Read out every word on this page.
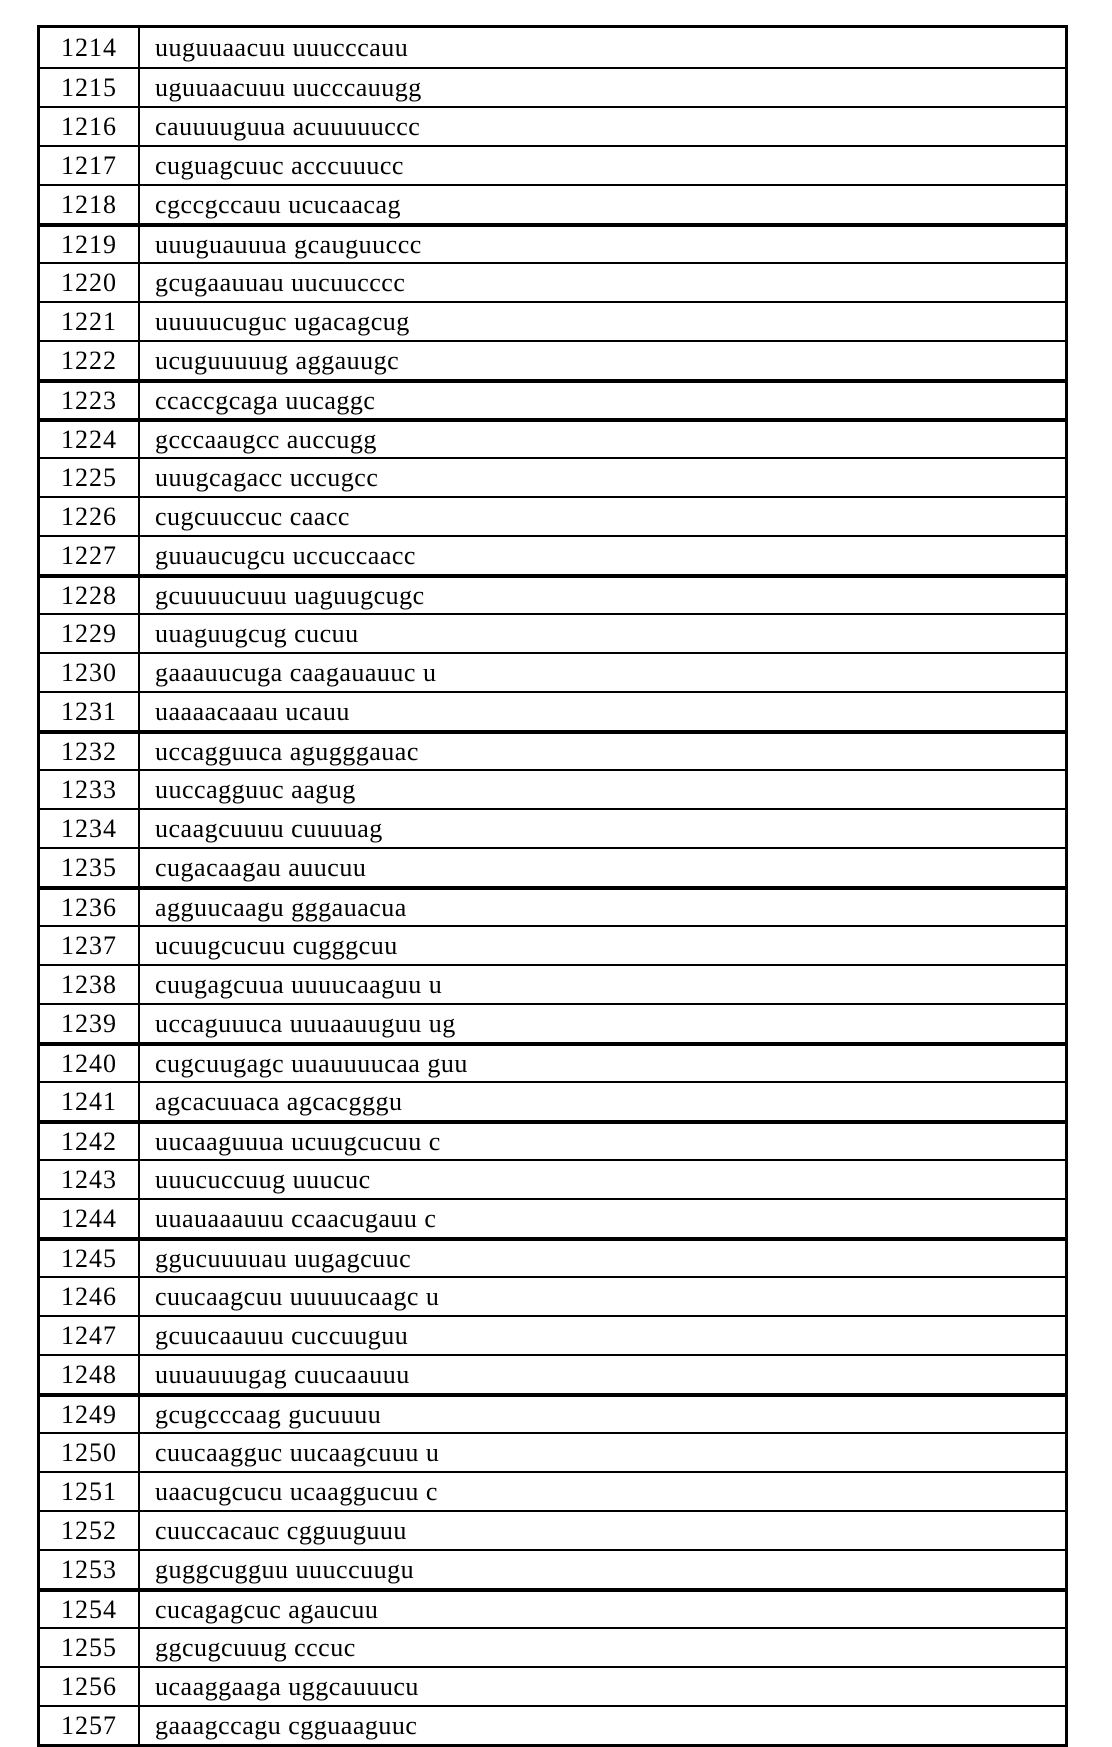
1214	uuguuaacuu uuucccauu
1215	uguuaacuuu uucccauugg
1216	cauuuuguua acuuuuuccc
1217	cuguagcuuc acccuuucc
1218	cgccgccauu ucucaacag
1219	uuuguauuua gcauguuccc
1220	gcugaauuau uucuucccc
1221	uuuuucuguc ugacagcug
1222	ucuguuuuug aggauugc
1223	ccaccgcaga uucaggc
1224	gcccaaugcc auccugg
1225	uuugcagacc uccugcc
1226	cugcuuccuc caacc
1227	guuaucugcu uccuccaacc
1228	gcuuuucuuu uaguugcugc
1229	uuaguugcug cucuu
1230	gaaauucuga caagauauuc u
1231	uaaaacaaau ucauu
1232	uccagguuca agugggauac
1233	uuccagguuc aagug
1234	ucaagcuuuu cuuuuag
1235	cugacaagau auucuu
1236	agguucaagu gggauacua
1237	ucuugcucuu cugggcuu
1238	cuugagcuua uuuucaaguu u
1239	uccaguuuca uuuaauuguu ug
1240	cugcuugagc uuauuuucaa guu
1241	agcacuuaca agcacgggu
1242	uucaaguuua ucuugcucuu c
1243	uuucuccuug uuucuc
1244	uuauaaauuu ccaacugauu c
1245	ggucuuuuau uugagcuuc
1246	cuucaagcuu uuuuucaagc u
1247	gcuucaauuu cuccuuguu
1248	uuuauuugag cuucaauuu
1249	gcugcccaag gucuuuu
1250	cuucaagguc uucaagcuuu u
1251	uaacugcucu ucaaggucuu c
1252	cuuccacauc cgguuguuu
1253	guggcugguu uuuccuugu
1254	cucagagcuc agaucuu
1255	ggcugcuuug cccuc
1256	ucaaggaaga uggcauuucu
1257	gaaagccagu cgguaaguuc
